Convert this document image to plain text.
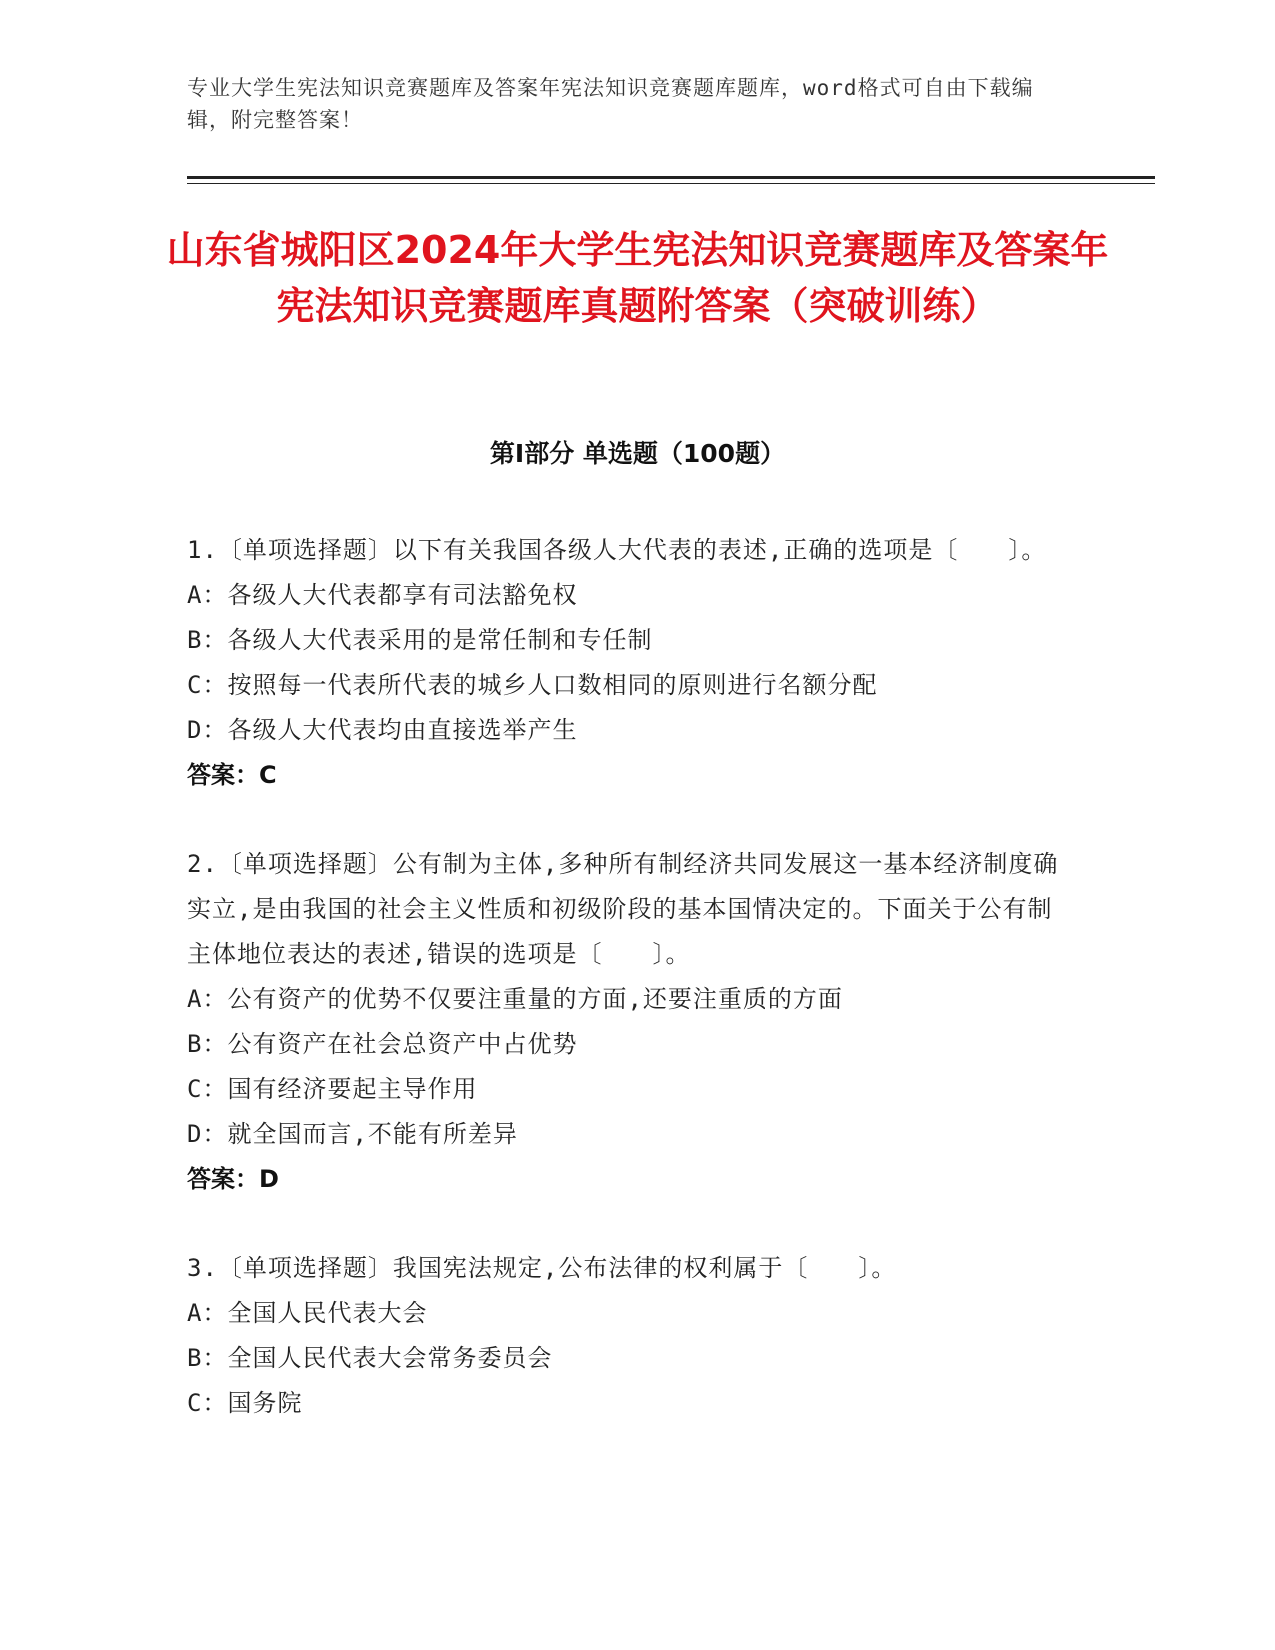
专业大学生宪法知识竞赛题库及答案年宪法知识竞赛题库题库，word格式可自由下载编辑，附完整答案！
山东省城阳区2024年大学生宪法知识竞赛题库及答案年宪法知识竞赛题库真题附答案（突破训练）
第Ⅰ部分 单选题（100题）
1.〔单项选择题〕以下有关我国各级人大代表的表述,正确的选项是〔　　〕。
A：各级人大代表都享有司法豁免权
B：各级人大代表采用的是常任制和专任制
C：按照每一代表所代表的城乡人口数相同的原则进行名额分配
D：各级人大代表均由直接选举产生
答案：C
2.〔单项选择题〕公有制为主体,多种所有制经济共同发展这一基本经济制度确实立,是由我国的社会主义性质和初级阶段的基本国情决定的。下面关于公有制主体地位表达的表述,错误的选项是〔　　〕。
A：公有资产的优势不仅要注重量的方面,还要注重质的方面
B：公有资产在社会总资产中占优势
C：国有经济要起主导作用
D：就全国而言,不能有所差异
答案：D
3.〔单项选择题〕我国宪法规定,公布法律的权利属于〔　　〕。
A：全国人民代表大会
B：全国人民代表大会常务委员会
C：国务院
